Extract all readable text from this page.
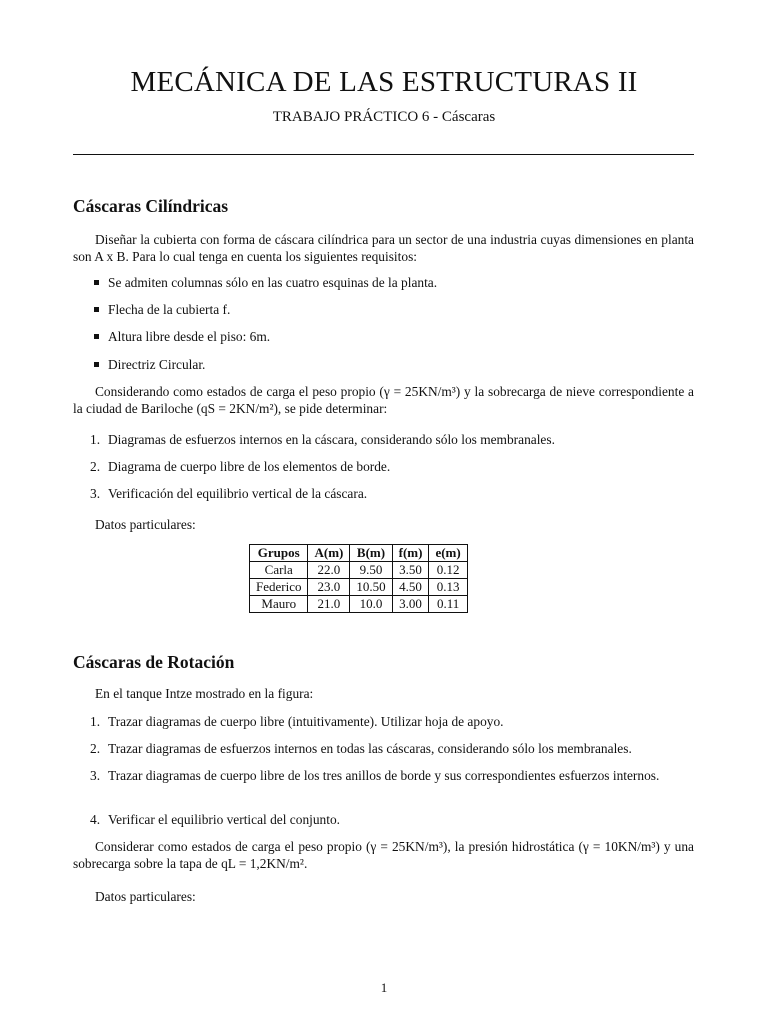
MECÁNICA DE LAS ESTRUCTURAS II
TRABAJO PRÁCTICO 6 - Cáscaras
Cáscaras Cilíndricas
Diseñar la cubierta con forma de cáscara cilíndrica para un sector de una industria cuyas dimensiones en planta son A x B. Para lo cual tenga en cuenta los siguientes requisitos:
Se admiten columnas sólo en las cuatro esquinas de la planta.
Flecha de la cubierta f.
Altura libre desde el piso: 6m.
Directriz Circular.
Considerando como estados de carga el peso propio (γ = 25KN/m³) y la sobrecarga de nieve correspondiente a la ciudad de Bariloche (qS = 2KN/m²), se pide determinar:
1. Diagramas de esfuerzos internos en la cáscara, considerando sólo los membranales.
2. Diagrama de cuerpo libre de los elementos de borde.
3. Verificación del equilibrio vertical de la cáscara.
Datos particulares:
Grupos	A(m)	B(m)	f(m)	e(m)
Carla	22.0	9.50	3.50	0.12
Federico	23.0	10.50	4.50	0.13
Mauro	21.0	10.0	3.00	0.11
Cáscaras de Rotación
En el tanque Intze mostrado en la figura:
1. Trazar diagramas de cuerpo libre (intuitivamente). Utilizar hoja de apoyo.
2. Trazar diagramas de esfuerzos internos en todas las cáscaras, considerando sólo los membranales.
3. Trazar diagramas de cuerpo libre de los tres anillos de borde y sus correspondientes esfuerzos internos.
4. Verificar el equilibrio vertical del conjunto.
Considerar como estados de carga el peso propio (γ = 25KN/m³), la presión hidrostática (γ = 10KN/m³) y una sobrecarga sobre la tapa de qL = 1,2KN/m².
Datos particulares:
1
